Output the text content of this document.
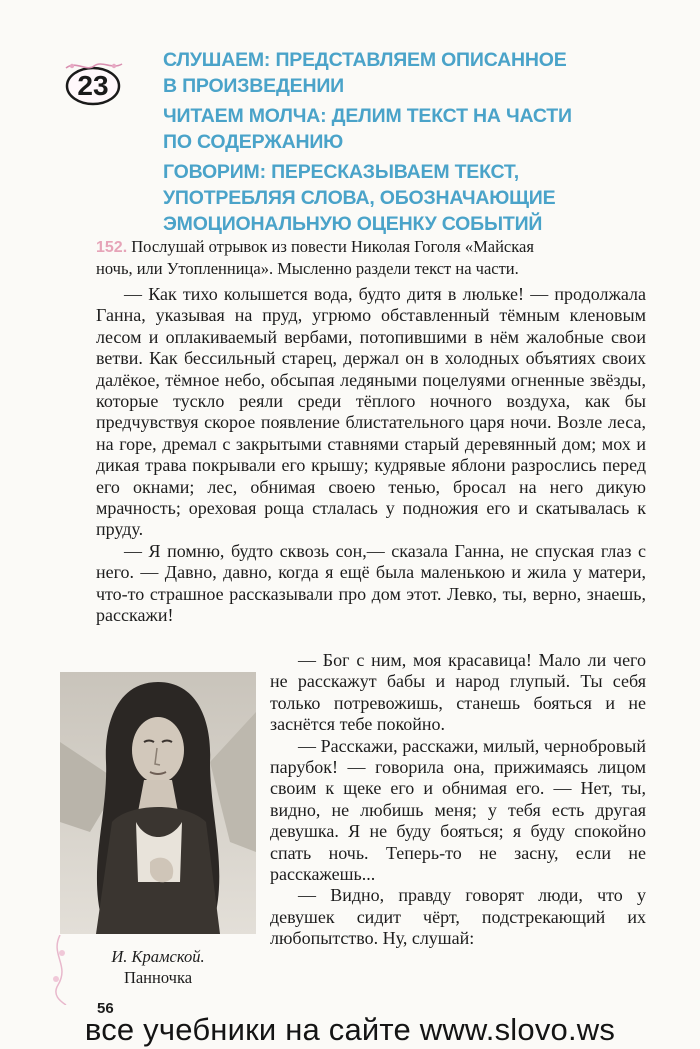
23
СЛУШАЕМ: ПРЕДСТАВЛЯЕМ ОПИСАННОЕ
В ПРОИЗВЕДЕНИИ
ЧИТАЕМ МОЛЧА: ДЕЛИМ ТЕКСТ НА ЧАСТИ
ПО СОДЕРЖАНИЮ
ГОВОРИМ: ПЕРЕСКАЗЫВАЕМ ТЕКСТ,
УПОТРЕБЛЯЯ СЛОВА, ОБОЗНАЧАЮЩИЕ
ЭМОЦИОНАЛЬНУЮ ОЦЕНКУ СОБЫТИЙ
152. Послушай отрывок из повести Николая Гоголя «Майская
ночь, или Утопленница». Мысленно раздели текст на части.

— Как тихо колышется вода, будто дитя в люльке! — продолжала Ганна, указывая на пруд, угрюмо обставленный тёмным кленовым лесом и оплакиваемый вербами, потопившими в нём жалобные свои ветви. Как бессильный старец, держал он в холодных объятиях своих далёкое, тёмное небо, обсыпая ледяными поцелуями огненные звёзды, которые тускло реяли среди тёплого ночного воздуха, как бы предчувствуя скорое появление блистательного царя ночи. Возле леса, на горе, дремал с закрытыми ставнями старый деревянный дом; мох и дикая трава покрывали его крышу; кудрявые яблони разрослись перед его окнами; лес, обнимая своею тенью, бросал на него дикую мрачность; ореховая роща стлалась у подножия его и скатывалась к пруду.

— Я помню, будто сквозь сон,— сказала Ганна, не спуская глаз с него. — Давно, давно, когда я ещё была маленькою и жила у матери, что-то страшное рассказывали про дом этот. Левко, ты, верно, знаешь, расскажи!

— Бог с ним, моя красавица! Мало ли чего не расскажут бабы и народ глупый. Ты себя только потревожишь, станешь бояться и не заснётся тебе покойно.

— Расскажи, расскажи, милый, чернобровый парубок! — говорила она, прижимаясь лицом своим к щеке его и обнимая его. — Нет, ты, видно, не любишь меня; у тебя есть другая девушка. Я не буду бояться; я буду спокойно спать ночь. Теперь-то не засну, если не расскажешь...

— Видно, правду говорят люди, что у девушек сидит чёрт, подстрекающий их любопытство. Ну, слушай:

И. Крамской.
Панночка
56
все учебники на сайте www.slovo.ws
